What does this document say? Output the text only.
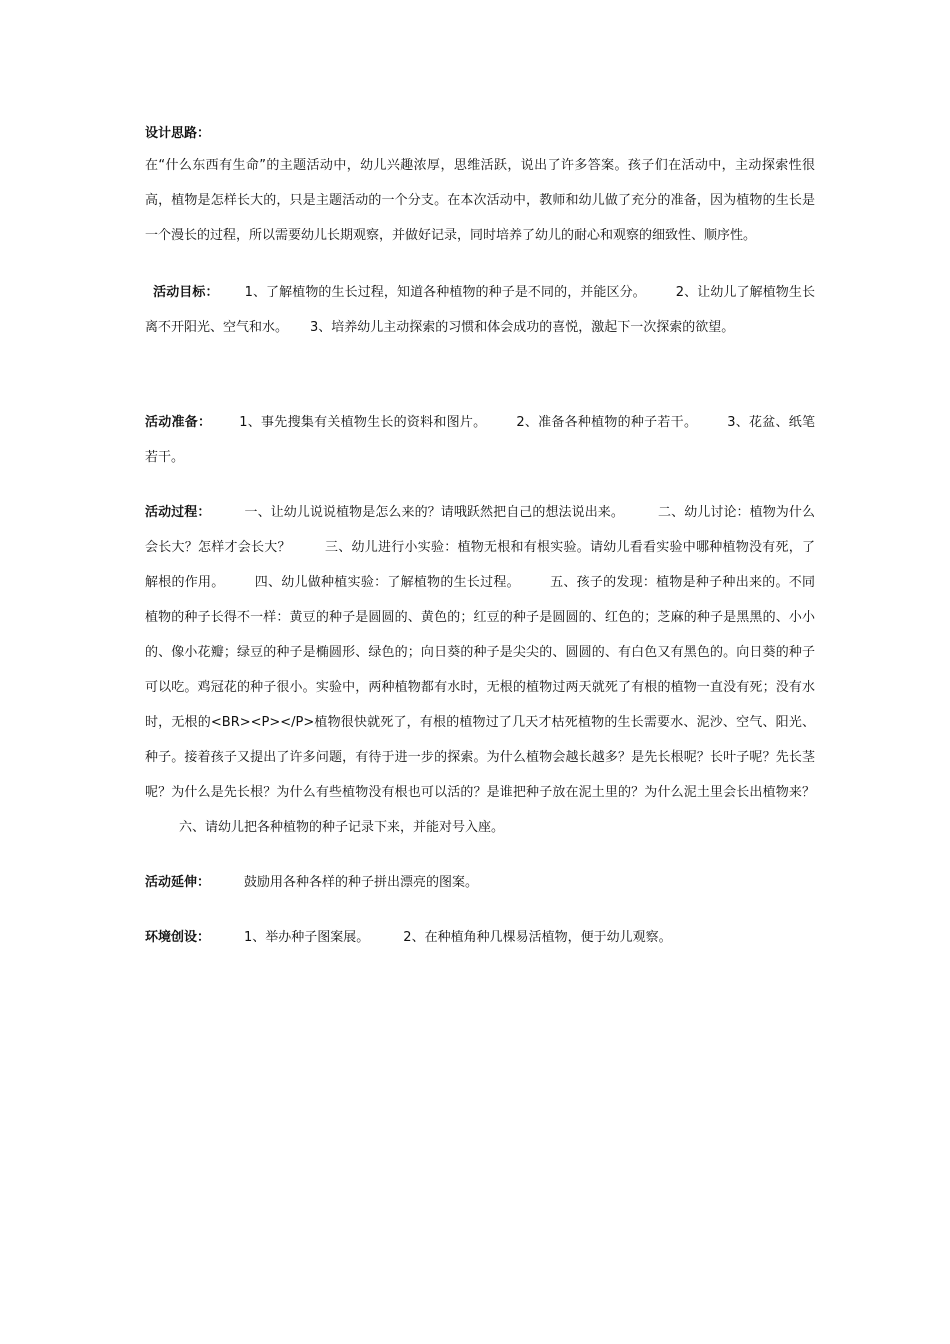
设计思路：

在“什么东西有生命”的主题活动中，幼儿兴趣浓厚，思维活跃，说出了许多答案。孩子们在活动中，主动探索性很高，植物是怎样长大的，只是主题活动的一个分支。在本次活动中，教师和幼儿做了充分的准备，因为植物的生长是一个漫长的过程，所以需要幼儿长期观察，并做好记录，同时培养了幼儿的耐心和观察的细致性、顺序性。

活动目标： 1、了解植物的生长过程，知道各种植物的种子是不同的，并能区分。 2、让幼儿了解植物生长离不开阳光、空气和水。 3、培养幼儿主动探索的习惯和体会成功的喜悦，激起下一次探索的欲望。

活动准备： 1、事先搜集有关植物生长的资料和图片。 2、准备各种植物的种子若干。 3、花盆、纸笔若干。

活动过程：	一、让幼儿说说植物是怎么来的？请哦跃然把自己的想法说出来。	二、幼儿讨论：植物为什么会长大？怎样才会长大？	三、幼儿进行小实验：植物无根和有根实验。请幼儿看看实验中哪种植物没有死，了解根的作用。 四、幼儿做种植实验：了解植物的生长过程。 五、孩子的发现：植物是种子种出来的。不同植物的种子长得不一样：黄豆的种子是圆圆的、黄色的；红豆的种子是圆圆的、红色的；芝麻的种子是黑黑的、小小的、像小花瓣；绿豆的种子是椭圆形、绿色的；向日葵的种子是尖尖的、圆圆的、有白色又有黑色的。向日葵的种子可以吃。鸡冠花的种子很小。实验中，两种植物都有水时，无根的植物过两天就死了有根的植物一直没有死；没有水时，无根的<BR><P></P>植物很快就死了，有根的植物过了几天才枯死植物的生长需要水、泥沙、空气、阳光、种子。接着孩子又提出了许多问题，有待于进一步的探索。为什么植物会越长越多？是先长根呢？长叶子呢？先长茎呢？为什么是先长根？为什么有些植物没有根也可以活的？是谁把种子放在泥土里的？为什么泥土里会长出植物来？六、请幼儿把各种植物的种子记录下来，并能对号入座。

活动延伸：	鼓励用各种各样的种子拼出漂亮的图案。

环境创设：	1、举办种子图案展。	2、在种植角种几棵易活植物，便于幼儿观察。
